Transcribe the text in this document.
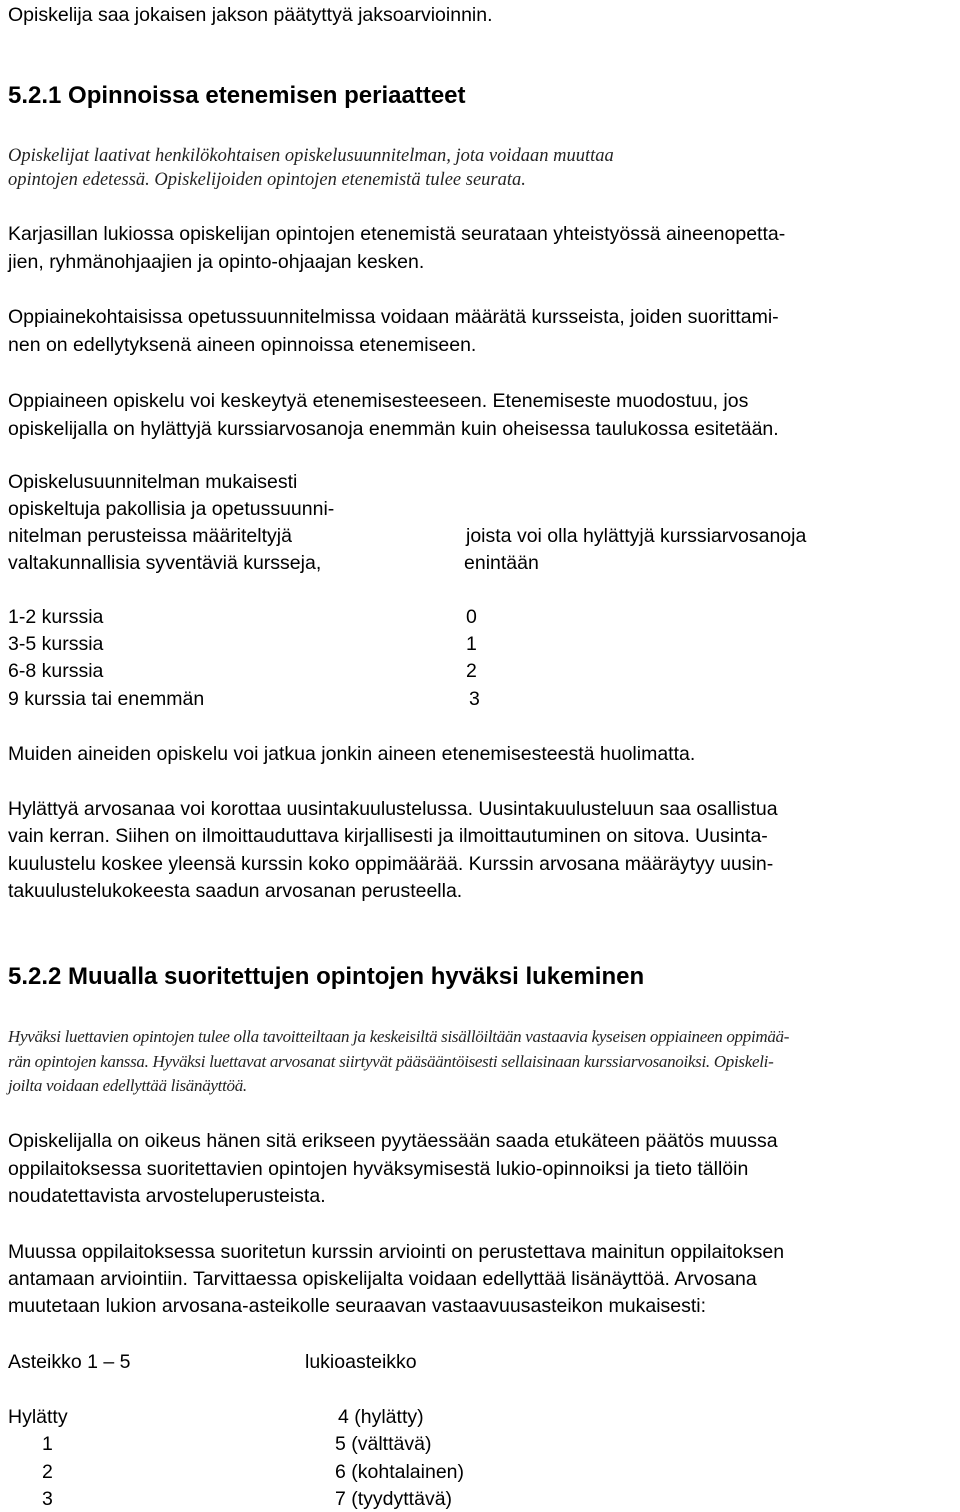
Opiskelija saa jokaisen jakson päätyttyä jaksoarvioinnin.

5.2.1 Opinnoissa etenemisen periaatteet

Opiskelijat laativat henkilökohtaisen opiskelusuunnitelman, jota voidaan muuttaa

opintojen edetessä. Opiskelijoiden opintojen etenemistä tulee seurata.

Karjasillan lukiossa opiskelijan opintojen etenemistä seurataan yhteistyössä aineenopetta-

jien, ryhmänohjaajien ja opinto-ohjaajan kesken.

Oppiainekohtaisissa opetussuunnitelmissa voidaan määrätä kursseista, joiden suorittami-

nen on edellytyksenä aineen opinnoissa etenemiseen.

Oppiaineen opiskelu voi keskeytyä etenemisesteeseen. Etenemiseste muodostuu, jos

opiskelijalla on hylättyjä kurssiarvosanoja enemmän kuin oheisessa taulukossa esitetään.

Opiskelusuunnitelman mukaisesti

opiskeltuja pakollisia ja opetussuunni-

nitelman perusteissa määriteltyjä

valtakunnallisia syventäviä kursseja,

joista voi olla hylättyjä kurssiarvosanoja

enintään

1-2 kurssia	0

3-5 kurssia	1

6-8 kurssia	2

9 kurssia tai enemmän	3

Muiden aineiden opiskelu voi jatkua jonkin aineen etenemisesteestä huolimatta.

Hylättyä arvosanaa voi korottaa uusintakuulustelussa. Uusintakuulusteluun saa osallistua

vain kerran. Siihen on ilmoittauduttava kirjallisesti ja ilmoittautuminen on sitova. Uusinta-

kuulustelu koskee yleensä kurssin koko oppimäärää. Kurssin arvosana määräytyy uusin-

takuulustelukokeesta saadun arvosanan perusteella.

5.2.2 Muualla suoritettujen opintojen hyväksi lukeminen

Hyväksi luettavien opintojen tulee olla tavoitteiltaan ja keskeisiltä sisällöiltään vastaavia kyseisen oppiaineen oppimää-

rän opintojen kanssa. Hyväksi luettavat arvosanat siirtyvät pääsääntöisesti sellaisinaan kurssiarvosanoiksi. Opiskeli-

joilta voidaan edellyttää lisänäyttöä.

Opiskelijalla on oikeus hänen sitä erikseen pyytäessään saada etukäteen päätös muussa

oppilaitoksessa suoritettavien opintojen hyväksymisestä lukio-opinnoiksi ja tieto tällöin

noudatettavista arvosteluperusteista.

Muussa oppilaitoksessa suoritetun kurssin arviointi on perustettava mainitun oppilaitoksen

antamaan arviointiin. Tarvittaessa opiskelijalta voidaan edellyttää lisänäyttöä. Arvosana

muutetaan lukion arvosana-asteikolle seuraavan vastaavuusasteikon mukaisesti:

Asteikko 1 – 5	lukioasteikko

Hylätty	4 (hylätty)

1	5 (välttävä)

2	6 (kohtalainen)

3	7 (tyydyttävä)
